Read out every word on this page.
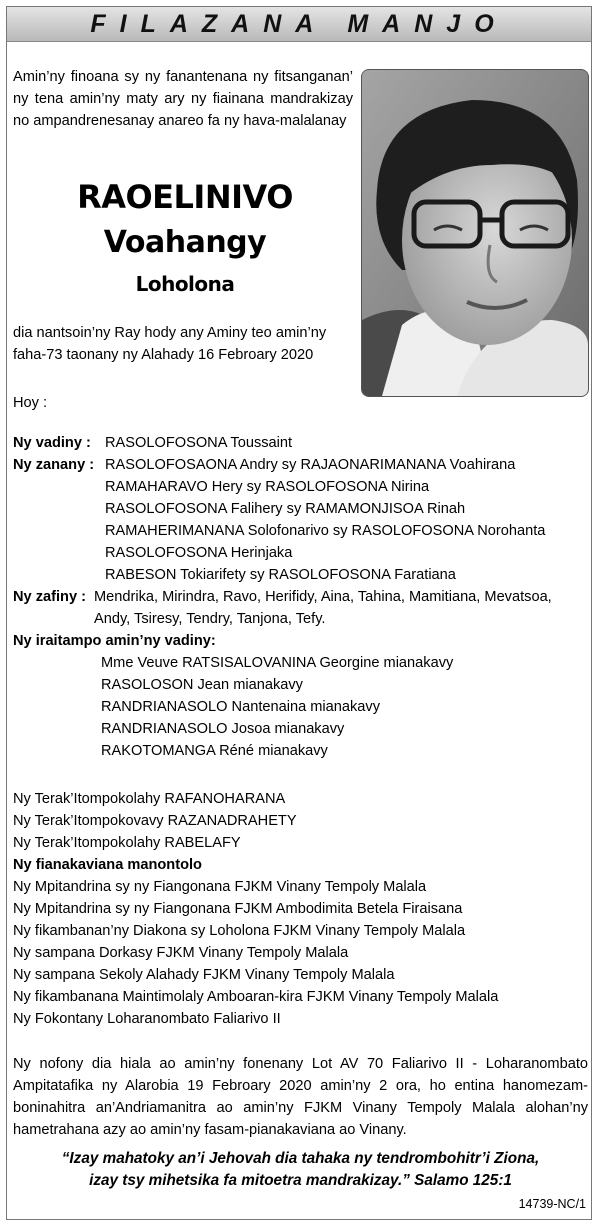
FILAZANA MANJO
Amin’ny finoana sy ny fanantenana ny fitsanganan’ ny tena amin’ny maty ary ny fiainana mandrakizay no ampandrenesanay anareo fa ny hava-malalanay
RAOELINIVO
Voahangy
Loholona
dia nantsoin’ny Ray hody any Aminy teo amin’ny faha-73 taonany ny Alahady 16 Febroary 2020
Hoy :
Ny vadiny : RASOLOFOSONA Toussaint
Ny zanany : RASOLOFOSAONA Andry sy RAJAONARIMANANA Voahirana
RAMAHARAVO Hery sy RASOLOFOSONA Nirina
RASOLOFOSONA Falihery sy RAMAMONJISOA Rinah
RAMAHERIMANANA Solofonarivo sy RASOLOFOSONA Norohanta
RASOLOFOSONA Herinjaka
RABESON Tokiarifety sy RASOLOFOSONA Faratiana
Ny zafiny : Mendrika, Mirindra, Ravo, Herifidy, Aina, Tahina, Mamitiana, Mevatsoa,
Andy, Tsiresy, Tendry, Tanjona, Tefy.
Ny iraitampo amin’ny vadiny:
Mme Veuve RATSISALOVANINA Georgine mianakavy
RASOLOSON Jean mianakavy
RANDRIANASOLO Nantenaina mianakavy
RANDRIANASOLO Josoa mianakavy
RAKOTOMANGA Réné mianakavy
Ny Terak’Itompokolahy RAFANOHARANA
Ny Terak’Itompokovavy RAZANADRAHETY
Ny Terak’Itompokolahy RABELAFY
Ny fianakaviana manontolo
Ny Mpitandrina sy ny Fiangonana FJKM Vinany Tempoly Malala
Ny Mpitandrina sy ny Fiangonana FJKM Ambodimita Betela Firaisana
Ny fikambanan’ny Diakona sy Loholona FJKM Vinany Tempoly Malala
Ny sampana Dorkasy FJKM Vinany Tempoly Malala
Ny sampana Sekoly Alahady FJKM Vinany Tempoly Malala
Ny fikambanana Maintimolaly Amboaran-kira FJKM Vinany Tempoly Malala
Ny Fokontany Loharanombato Faliarivo II
Ny nofony dia hiala ao amin’ny fonenany Lot AV 70 Faliarivo II - Loharanombato Ampitatafika ny Alarobia 19 Febroary 2020 amin’ny 2 ora, ho entina hanomezam-boninahitra an’Andriamanitra ao amin’ny FJKM Vinany Tempoly Malala alohan’ny hametrahana azy ao amin’ny fasam-pianakaviana ao Vinany.
“Izay mahatoky an’i Jehovah dia tahaka ny tendrombohitr’i Ziona,
izay tsy mihetsika fa mitoetra mandrakizay.” Salamo 125:1
14739-NC/1
